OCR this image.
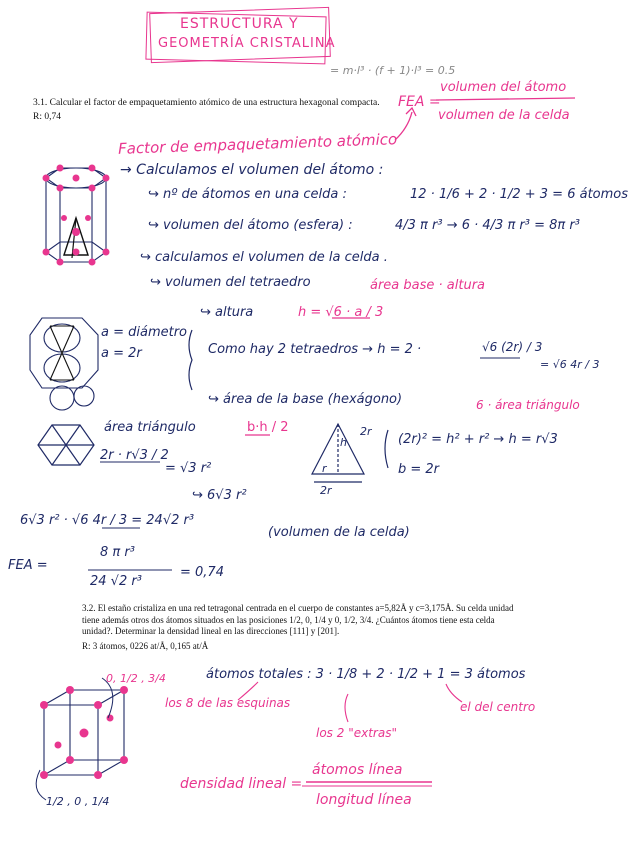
ESTRUCTURA Y
GEOMETRÍA CRISTALINA
= m·l³ · (f + 1)·l³ = 0.5
3.1. Calcular el factor de empaquetamiento atómico de una estructura hexagonal compacta.
R: 0,74
FEA =
volumen del átomo
volumen de la celda
Factor de empaquetamiento atómico
→ Calculamos el volumen del átomo :
↪ nº de átomos en una celda :	12 · 1/6 + 2 · 1/2 + 3 = 6 átomos
↪ volumen del átomo (esfera) :	4/3 π r³ → 6 · 4/3 π r³ = 8π r³
↪ calculamos el volumen de la celda .
↪ volumen del tetraedro	área base · altura
↪ altura	h = √6 · a / 3
a = diámetro
a = 2r	Como hay 2 tetraedros → h = 2 ·	√6 (2r) / 3
= √6 4r / 3
↪ área de la base (hexágono)	6 · área triángulo
área triángulo	b·h / 2
2r · r√3 / 2
= √3 r²
↪ 6√3 r²
h
2r
r
2r
(2r)² = h² + r² → h = r√3
b = 2r
6√3 r² · √6 4r / 3 = 24√2 r³
(volumen de la celda)
FEA =
8 π r³
24 √2 r³
= 0,74
3.2. El estaño cristaliza en una red tetragonal centrada en el cuerpo de constantes a=5,82Å y c=3,175Å. Su celda unidad tiene además otros dos átomos situados en las posiciones 1/2, 0, 1/4 y 0, 1/2, 3/4. ¿Cuántos átomos tiene esta celda unidad?. Determinar la densidad lineal en las direcciones [111] y [201].
R: 3 átomos, 0226 at/Å, 0,165 at/Å
0, 1/2 , 3/4
1/2 , 0 , 1/4
átomos totales : 3 · 1/8 + 2 · 1/2 + 1 = 3 átomos
los 8 de las esquinas	el del centro
los 2 "extras"
densidad lineal =
átomos línea
longitud línea
